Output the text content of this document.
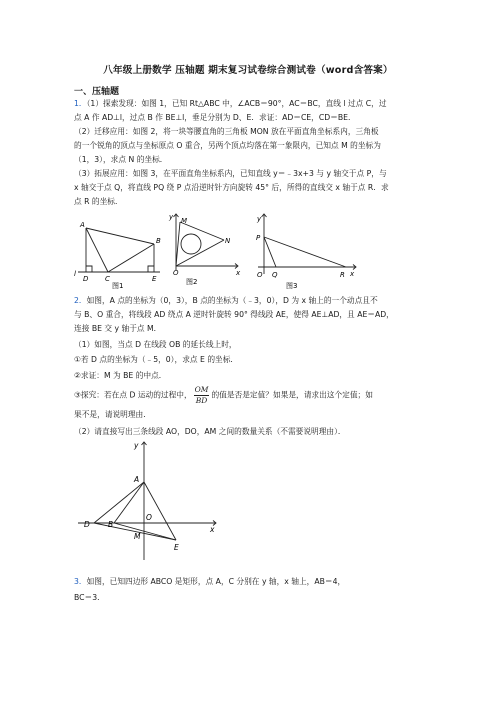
八年级上册数学 压轴题 期末复习试卷综合测试卷（word含答案）
一、压轴题
1．（1）探索发现：如图 1，已知 Rt△ABC 中，∠ACB＝90°，AC＝BC，直线 l 过点 C，过
点 A 作 AD⊥l，过点 B 作 BE⊥l，垂足分别为 D、E．求证：AD＝CE，CD＝BE．
（2）迁移应用：如图 2，将一块等腰直角的三角板 MON 放在平面直角坐标系内，三角板
的一个锐角的顶点与坐标原点 O 重合，另两个顶点均落在第一象限内，已知点 M 的坐标为
（1，3），求点 N 的坐标．
（3）拓展应用：如图 3，在平面直角坐标系内，已知直线 y＝﹣3x+3 与 y 轴交于点 P，与
x 轴交于点 Q，将直线 PQ 绕 P 点沿逆时针方向旋转 45° 后，所得的直线交 x 轴于点 R．求
点 R 的坐标．
A
B
C
D	E
l
图1
y M
N
O	x
图2
y
P
O Q	R x
图3
2．如图，A 点的坐标为（0，3），B 点的坐标为（﹣3，0），D 为 x 轴上的一个动点且不
与 B、O 重合，将线段 AD 绕点 A 逆时针旋转 90° 得线段 AE，使得 AE⊥AD，且 AE＝AD，
连接 BE 交 y 轴于点 M．
（1）如图，当点 D 在线段 OB 的延长线上时，
①若 D 点的坐标为（﹣5，0），求点 E 的坐标．
②求证：M 为 BE 的中点．
③探究：若在点 D 运动的过程中， $\frac{OM}{BD}$ 的值是否是定值？如果是，请求出这个定值；如
果不是，请说明理由．
（2）请直接写出三条线段 AO，DO，AM 之间的数量关系（不需要说明理由）．
y
A
D B
O
M
E
x
3．如图，已知四边形 ABCO 是矩形，点 A，C 分别在 y 轴，x 轴上，AB＝4，
BC＝3．
